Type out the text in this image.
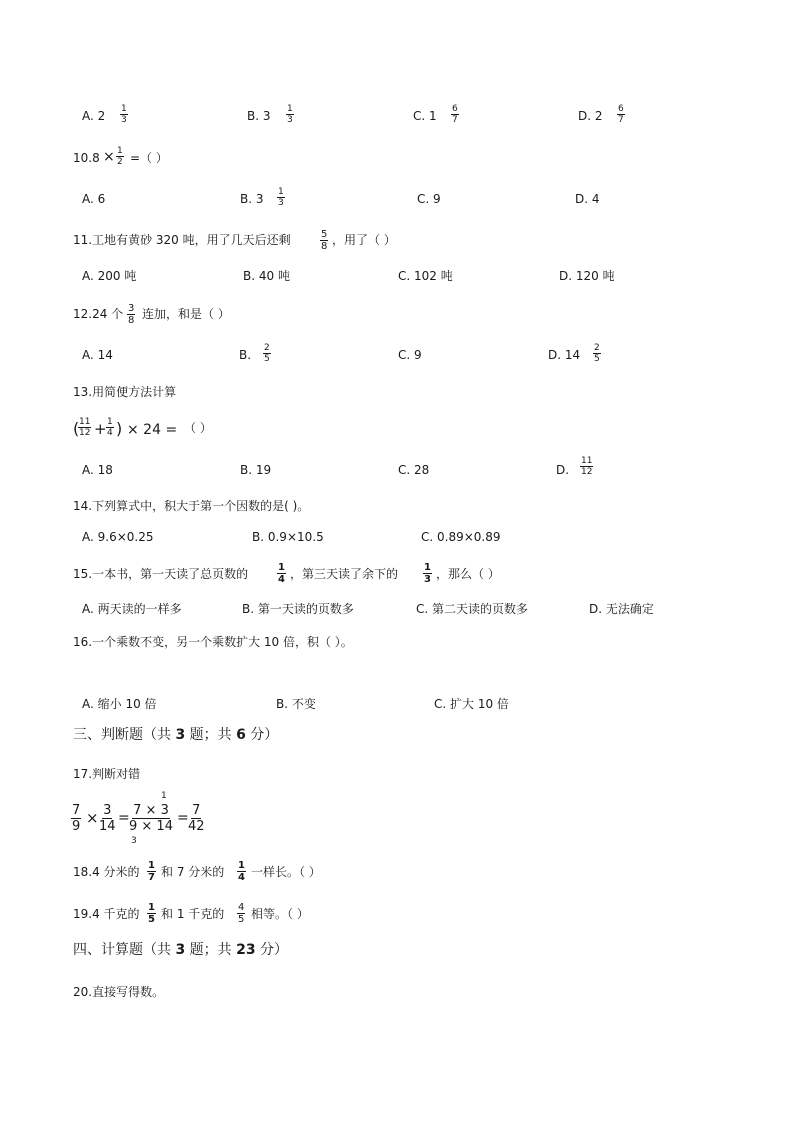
A. 2 1
3	B. 3 1
3	C. 1 6
7	D. 2 6
7
10.8 × 1
2 =（ ）
A. 6	B. 3 1
3	C. 9	D. 4
11.工地有黄砂 320 吨，用了几天后还剩	5
8 ，用了（ ）
A. 200 吨	B. 40 吨	C. 102 吨	D. 120 吨
12.24 个 3
8 连加，和是（ ）
A. 14	B. 2
5	C. 9	D. 14 2
5
13.用简便方法计算
( 11
12 + 1
4 ) × 24 = （ ）
A. 18	B. 19	C. 28	D.
11
12
14.下列算式中，积大于第一个因数的是( )。
A. 9.6×0.25	B. 0.9×10.5	C. 0.89×0.89
15.一本书，第一天读了总页数的	1
4 ，第三天读了余下的	1
3 ，那么（ ）
A. 两天读的一样多	B. 第一天读的页数多	C. 第二天读的页数多	D. 无法确定
16.一个乘数不变，另一个乘数扩大 10 倍，积（ ）。
A. 缩小 10 倍	B. 不变	C. 扩大 10 倍
三、判断题（共 3 题；共 6 分）
17.判断对错
7
9 × 3
14
=
1
7 × 3
9 × 14
3
= 7
42
18.4 分米的 1
7 和 7 分米的 1
4 一样长。（ ）
19.4 千克的 1
5 和 1 千克的 4
5 相等。（ ）
四、计算题（共 3 题；共 23 分）
20.直接写得数。
